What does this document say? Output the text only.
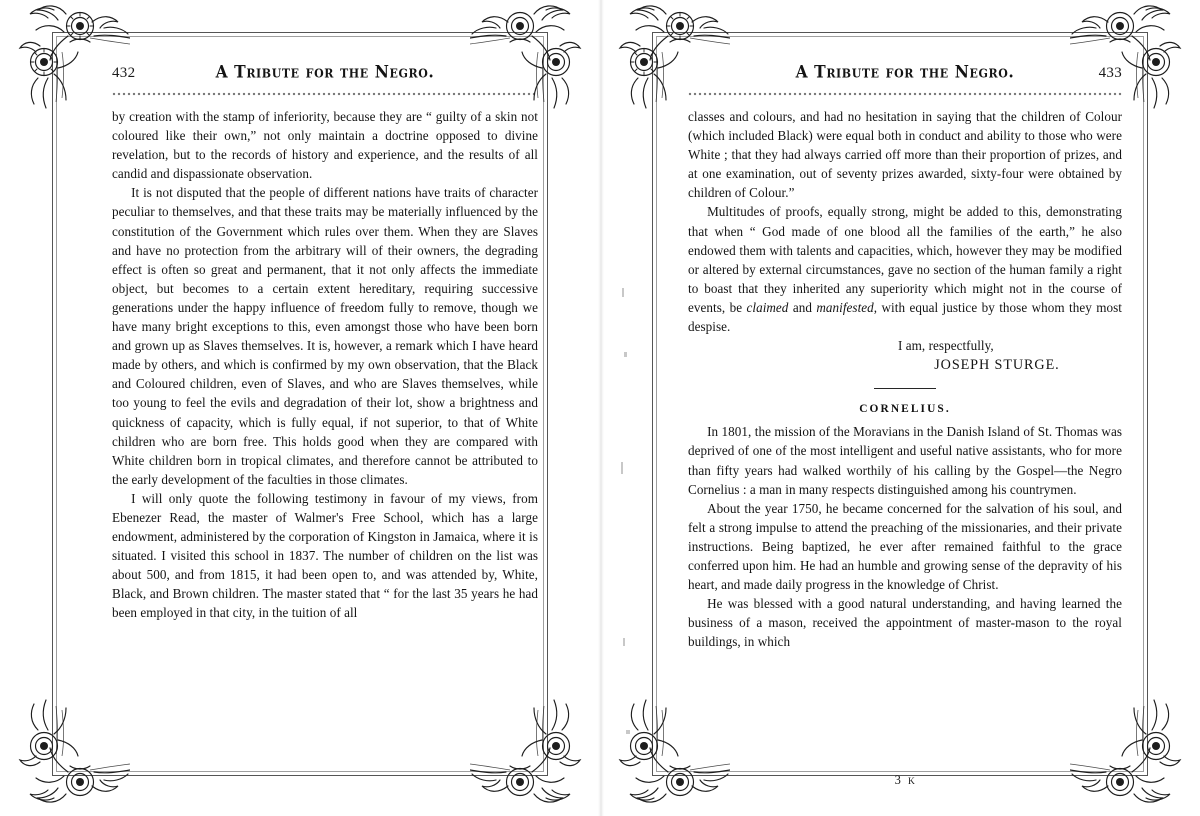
432	A Tribute for the Negro.

by creation with the stamp of inferiority, because they are “ guilty of a skin not coloured like their own,” not only maintain a doctrine opposed to divine revelation, but to the records of history and experience, and the results of all candid and dispassionate observation.

It is not disputed that the people of different nations have traits of character peculiar to themselves, and that these traits may be materially influenced by the constitution of the Government which rules over them. When they are Slaves and have no protection from the arbitrary will of their owners, the degrading effect is often so great and permanent, that it not only affects the immediate object, but becomes to a certain extent hereditary, requiring successive generations under the happy influence of freedom fully to remove, though we have many bright exceptions to this, even amongst those who have been born and grown up as Slaves themselves. It is, however, a remark which I have heard made by others, and which is confirmed by my own observation, that the Black and Coloured children, even of Slaves, and who are Slaves themselves, while too young to feel the evils and degradation of their lot, show a brightness and quickness of capacity, which is fully equal, if not superior, to that of White children who are born free. This holds good when they are compared with White children born in tropical climates, and therefore cannot be attributed to the early development of the faculties in those climates.

I will only quote the following testimony in favour of my views, from Ebenezer Read, the master of Walmer's Free School, which has a large endowment, administered by the corporation of Kingston in Jamaica, where it is situated. I visited this school in 1837. The number of children on the list was about 500, and from 1815, it had been open to, and was attended by, White, Black, and Brown children. The master stated that “ for the last 35 years he had been employed in that city, in the tuition of all

A Tribute for the Negro.	433

classes and colours, and had no hesitation in saying that the children of Colour (which included Black) were equal both in conduct and ability to those who were White ; that they had always carried off more than their proportion of prizes, and at one examination, out of seventy prizes awarded, sixty-four were obtained by children of Colour.”

Multitudes of proofs, equally strong, might be added to this, demonstrating that when “ God made of one blood all the families of the earth,” he also endowed them with talents and capacities, which, however they may be modified or altered by external circumstances, gave no section of the human family a right to boast that they inherited any superiority which might not in the course of events, be claimed and manifested, with equal justice by those whom they most despise.

I am, respectfully,

JOSEPH STURGE.

CORNELIUS.

In 1801, the mission of the Moravians in the Danish Island of St. Thomas was deprived of one of the most intelligent and useful native assistants, who for more than fifty years had walked worthily of his calling by the Gospel—the Negro Cornelius : a man in many respects distinguished among his countrymen.

About the year 1750, he became concerned for the salvation of his soul, and felt a strong impulse to attend the preaching of the missionaries, and their private instructions. Being baptized, he ever after remained faithful to the grace conferred upon him. He had an humble and growing sense of the depravity of his heart, and made daily progress in the knowledge of Christ.

He was blessed with a good natural understanding, and having learned the business of a mason, received the appointment of master-mason to the royal buildings, in which

3 K
